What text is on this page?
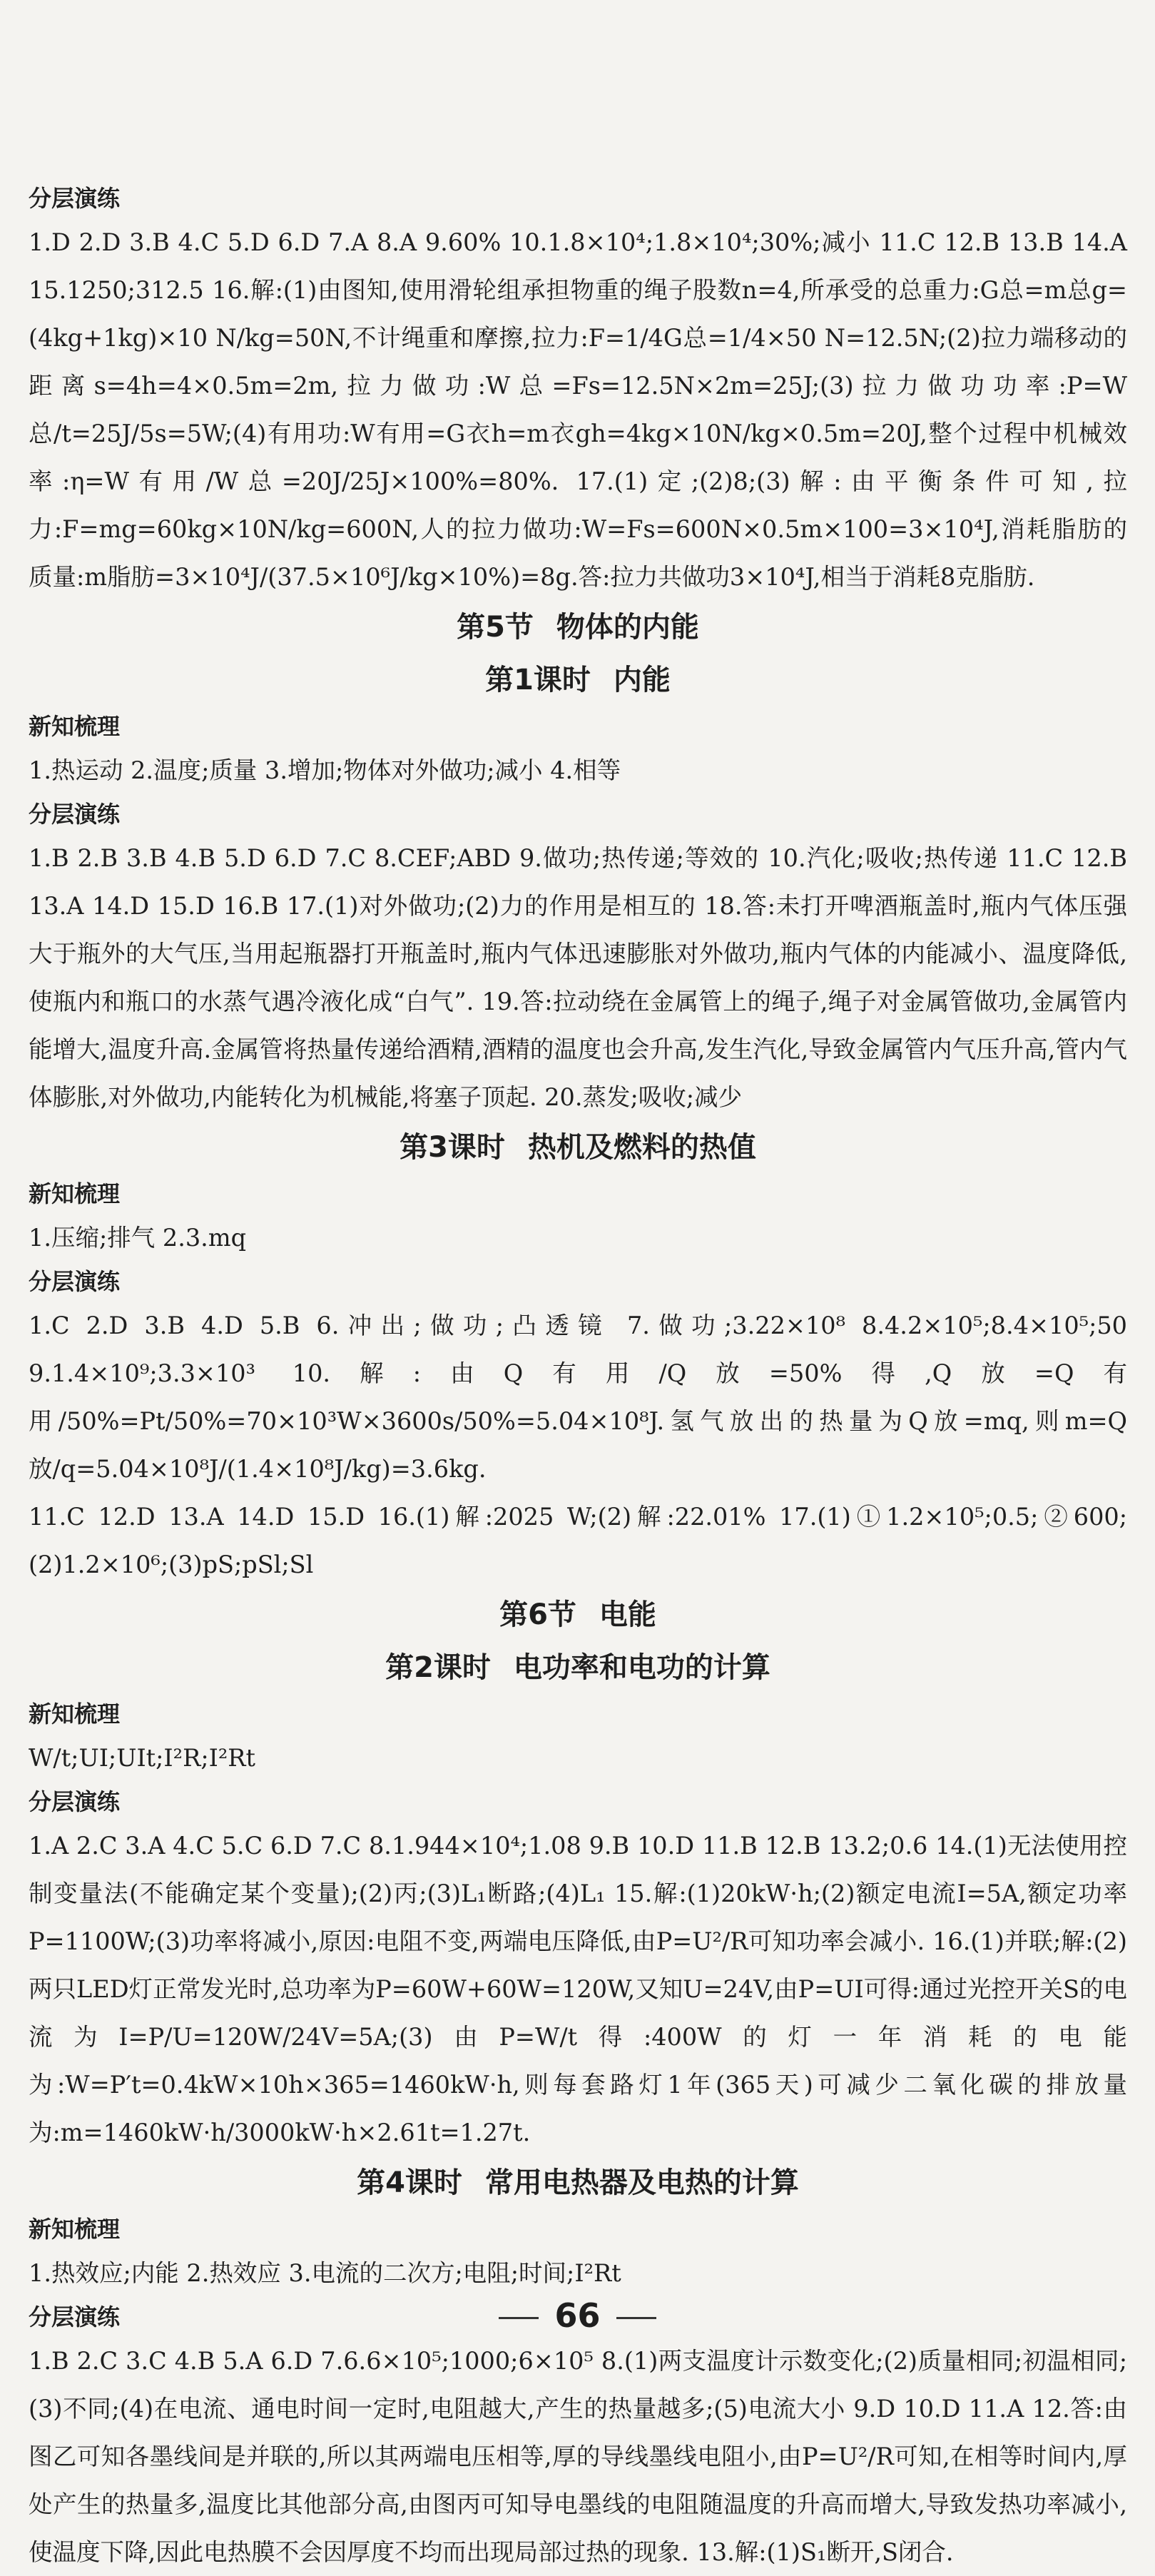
分层演练

1.D 2.D 3.B 4.C 5.D 6.D 7.A 8.A 9.60% 10.1.8×10⁴;1.8×10⁴;30%;减小 11.C 12.B 13.B 14.A 15.1250;312.5 16.解:(1)由图知,使用滑轮组承担物重的绳子股数n=4,所承受的总重力:G总=m总g=(4kg+1kg)×10 N/kg=50N,不计绳重和摩擦,拉力:F=1/4G总=1/4×50 N=12.5N;(2)拉力端移动的距离s=4h=4×0.5m=2m,拉力做功:W总=Fs=12.5N×2m=25J;(3)拉力做功功率:P=W总/t=25J/5s=5W;(4)有用功:W有用=G衣h=m衣gh=4kg×10N/kg×0.5m=20J,整个过程中机械效率:η=W有用/W总=20J/25J×100%=80%. 17.(1)定;(2)8;(3)解:由平衡条件可知,拉力:F=mg=60kg×10N/kg=600N,人的拉力做功:W=Fs=600N×0.5m×100=3×10⁴J,消耗脂肪的质量:m脂肪=3×10⁴J/(37.5×10⁶J/kg×10%)=8g.答:拉力共做功3×10⁴J,相当于消耗8克脂肪.

第5节 物体的内能

第1课时 内能

新知梳理

1.热运动 2.温度;质量 3.增加;物体对外做功;减小 4.相等

分层演练

1.B 2.B 3.B 4.B 5.D 6.D 7.C 8.CEF;ABD 9.做功;热传递;等效的 10.汽化;吸收;热传递 11.C 12.B 13.A 14.D 15.D 16.B 17.(1)对外做功;(2)力的作用是相互的 18.答:未打开啤酒瓶盖时,瓶内气体压强大于瓶外的大气压,当用起瓶器打开瓶盖时,瓶内气体迅速膨胀对外做功,瓶内气体的内能减小、温度降低,使瓶内和瓶口的水蒸气遇冷液化成“白气”. 19.答:拉动绕在金属管上的绳子,绳子对金属管做功,金属管内能增大,温度升高.金属管将热量传递给酒精,酒精的温度也会升高,发生汽化,导致金属管内气压升高,管内气体膨胀,对外做功,内能转化为机械能,将塞子顶起. 20.蒸发;吸收;减少

第3课时 热机及燃料的热值

新知梳理

1.压缩;排气 2.3.mq

分层演练

1.C 2.D 3.B 4.D 5.B 6.冲出;做功;凸透镜 7.做功;3.22×10⁸ 8.4.2×10⁵;8.4×10⁵;50 9.1.4×10⁹;3.3×10³ 10.解:由Q有用/Q放=50%得,Q放=Q有用/50%=Pt/50%=70×10³W×3600s/50%=5.04×10⁸J.氢气放出的热量为Q放=mq,则m=Q放/q=5.04×10⁸J/(1.4×10⁸J/kg)=3.6kg.

11.C 12.D 13.A 14.D 15.D 16.(1)解:2025 W;(2)解:22.01% 17.(1)①1.2×10⁵;0.5;②600;(2)1.2×10⁶;(3)pS;pSl;Sl

第6节 电能

第2课时 电功率和电功的计算

新知梳理

W/t;UI;UIt;I²R;I²Rt

分层演练

1.A 2.C 3.A 4.C 5.C 6.D 7.C 8.1.944×10⁴;1.08 9.B 10.D 11.B 12.B 13.2;0.6 14.(1)无法使用控制变量法(不能确定某个变量);(2)丙;(3)L₁断路;(4)L₁ 15.解:(1)20kW·h;(2)额定电流I=5A,额定功率P=1100W;(3)功率将减小,原因:电阻不变,两端电压降低,由P=U²/R可知功率会减小. 16.(1)并联;解:(2)两只LED灯正常发光时,总功率为P=60W+60W=120W,又知U=24V,由P=UI可得:通过光控开关S的电流为I=P/U=120W/24V=5A;(3)由P=W/t得:400W的灯一年消耗的电能为:W=P′t=0.4kW×10h×365=1460kW·h,则每套路灯1年(365天)可减少二氧化碳的排放量为:m=1460kW·h/3000kW·h×2.61t=1.27t.

第4课时 常用电热器及电热的计算

新知梳理

1.热效应;内能 2.热效应 3.电流的二次方;电阻;时间;I²Rt

分层演练

1.B 2.C 3.C 4.B 5.A 6.D 7.6.6×10⁵;1000;6×10⁵ 8.(1)两支温度计示数变化;(2)质量相同;初温相同;(3)不同;(4)在电流、通电时间一定时,电阻越大,产生的热量越多;(5)电流大小 9.D 10.D 11.A 12.答:由图乙可知各墨线间是并联的,所以其两端电压相等,厚的导线墨线电阻小,由P=U²/R可知,在相等时间内,厚处产生的热量多,温度比其他部分高,由图丙可知导电墨线的电阻随温度的升高而增大,导致发热功率减小,使温度下降,因此电热膜不会因厚度不均而出现局部过热的现象. 13.解:(1)S₁断开,S闭合.

66
